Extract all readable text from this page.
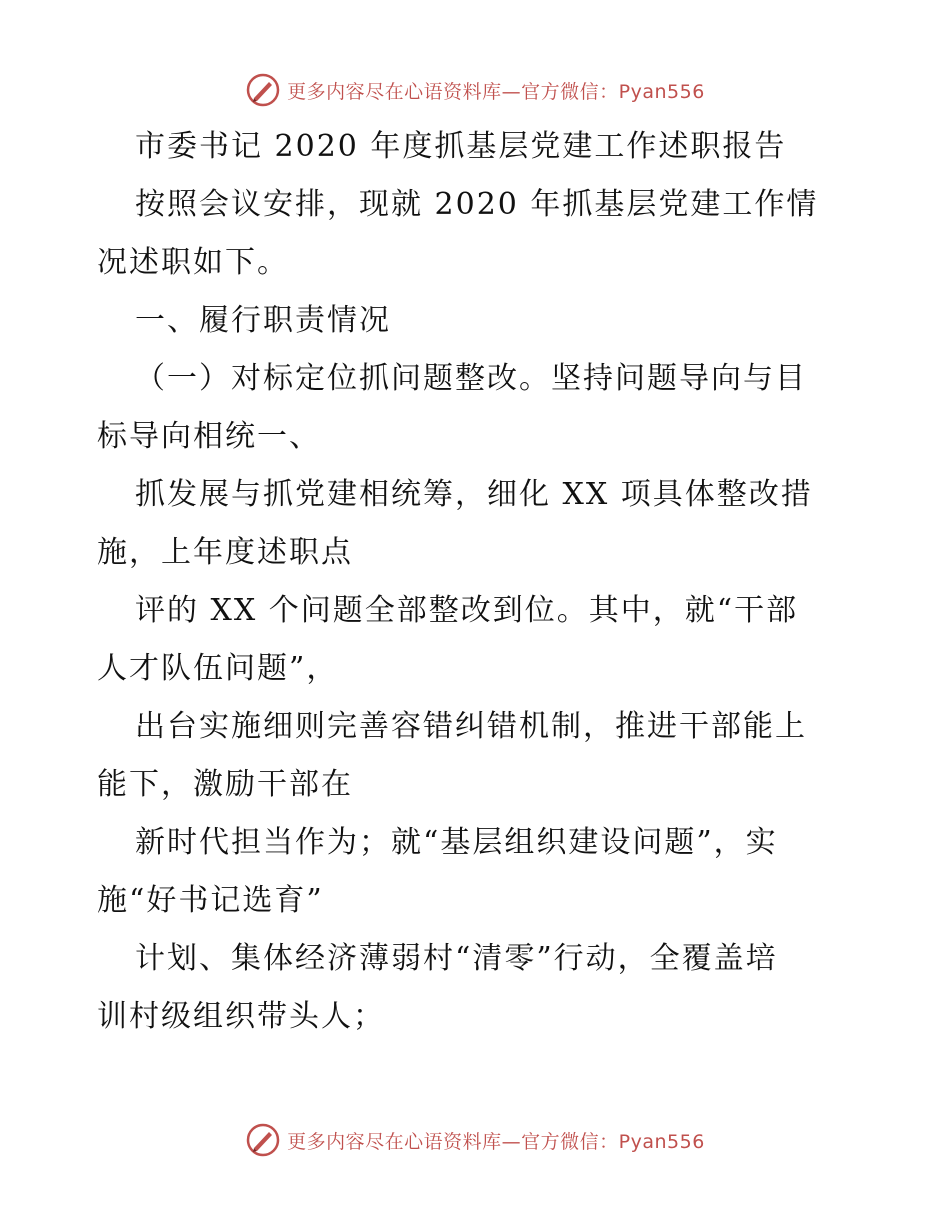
更多内容尽在心语资料库—官方微信：Pyan556

市委书记 2020 年度抓基层党建工作述职报告

按照会议安排，现就 2020 年抓基层党建工作情

况述职如下。

一、履行职责情况

（一）对标定位抓问题整改。坚持问题导向与目

标导向相统一、

抓发展与抓党建相统筹，细化 XX 项具体整改措

施，上年度述职点

评的 XX 个问题全部整改到位。其中，就“干部

人才队伍问题”，

出台实施细则完善容错纠错机制，推进干部能上

能下，激励干部在

新时代担当作为；就“基层组织建设问题”，实

施“好书记选育”

计划、集体经济薄弱村“清零”行动，全覆盖培

训村级组织带头人；

更多内容尽在心语资料库—官方微信：Pyan556
